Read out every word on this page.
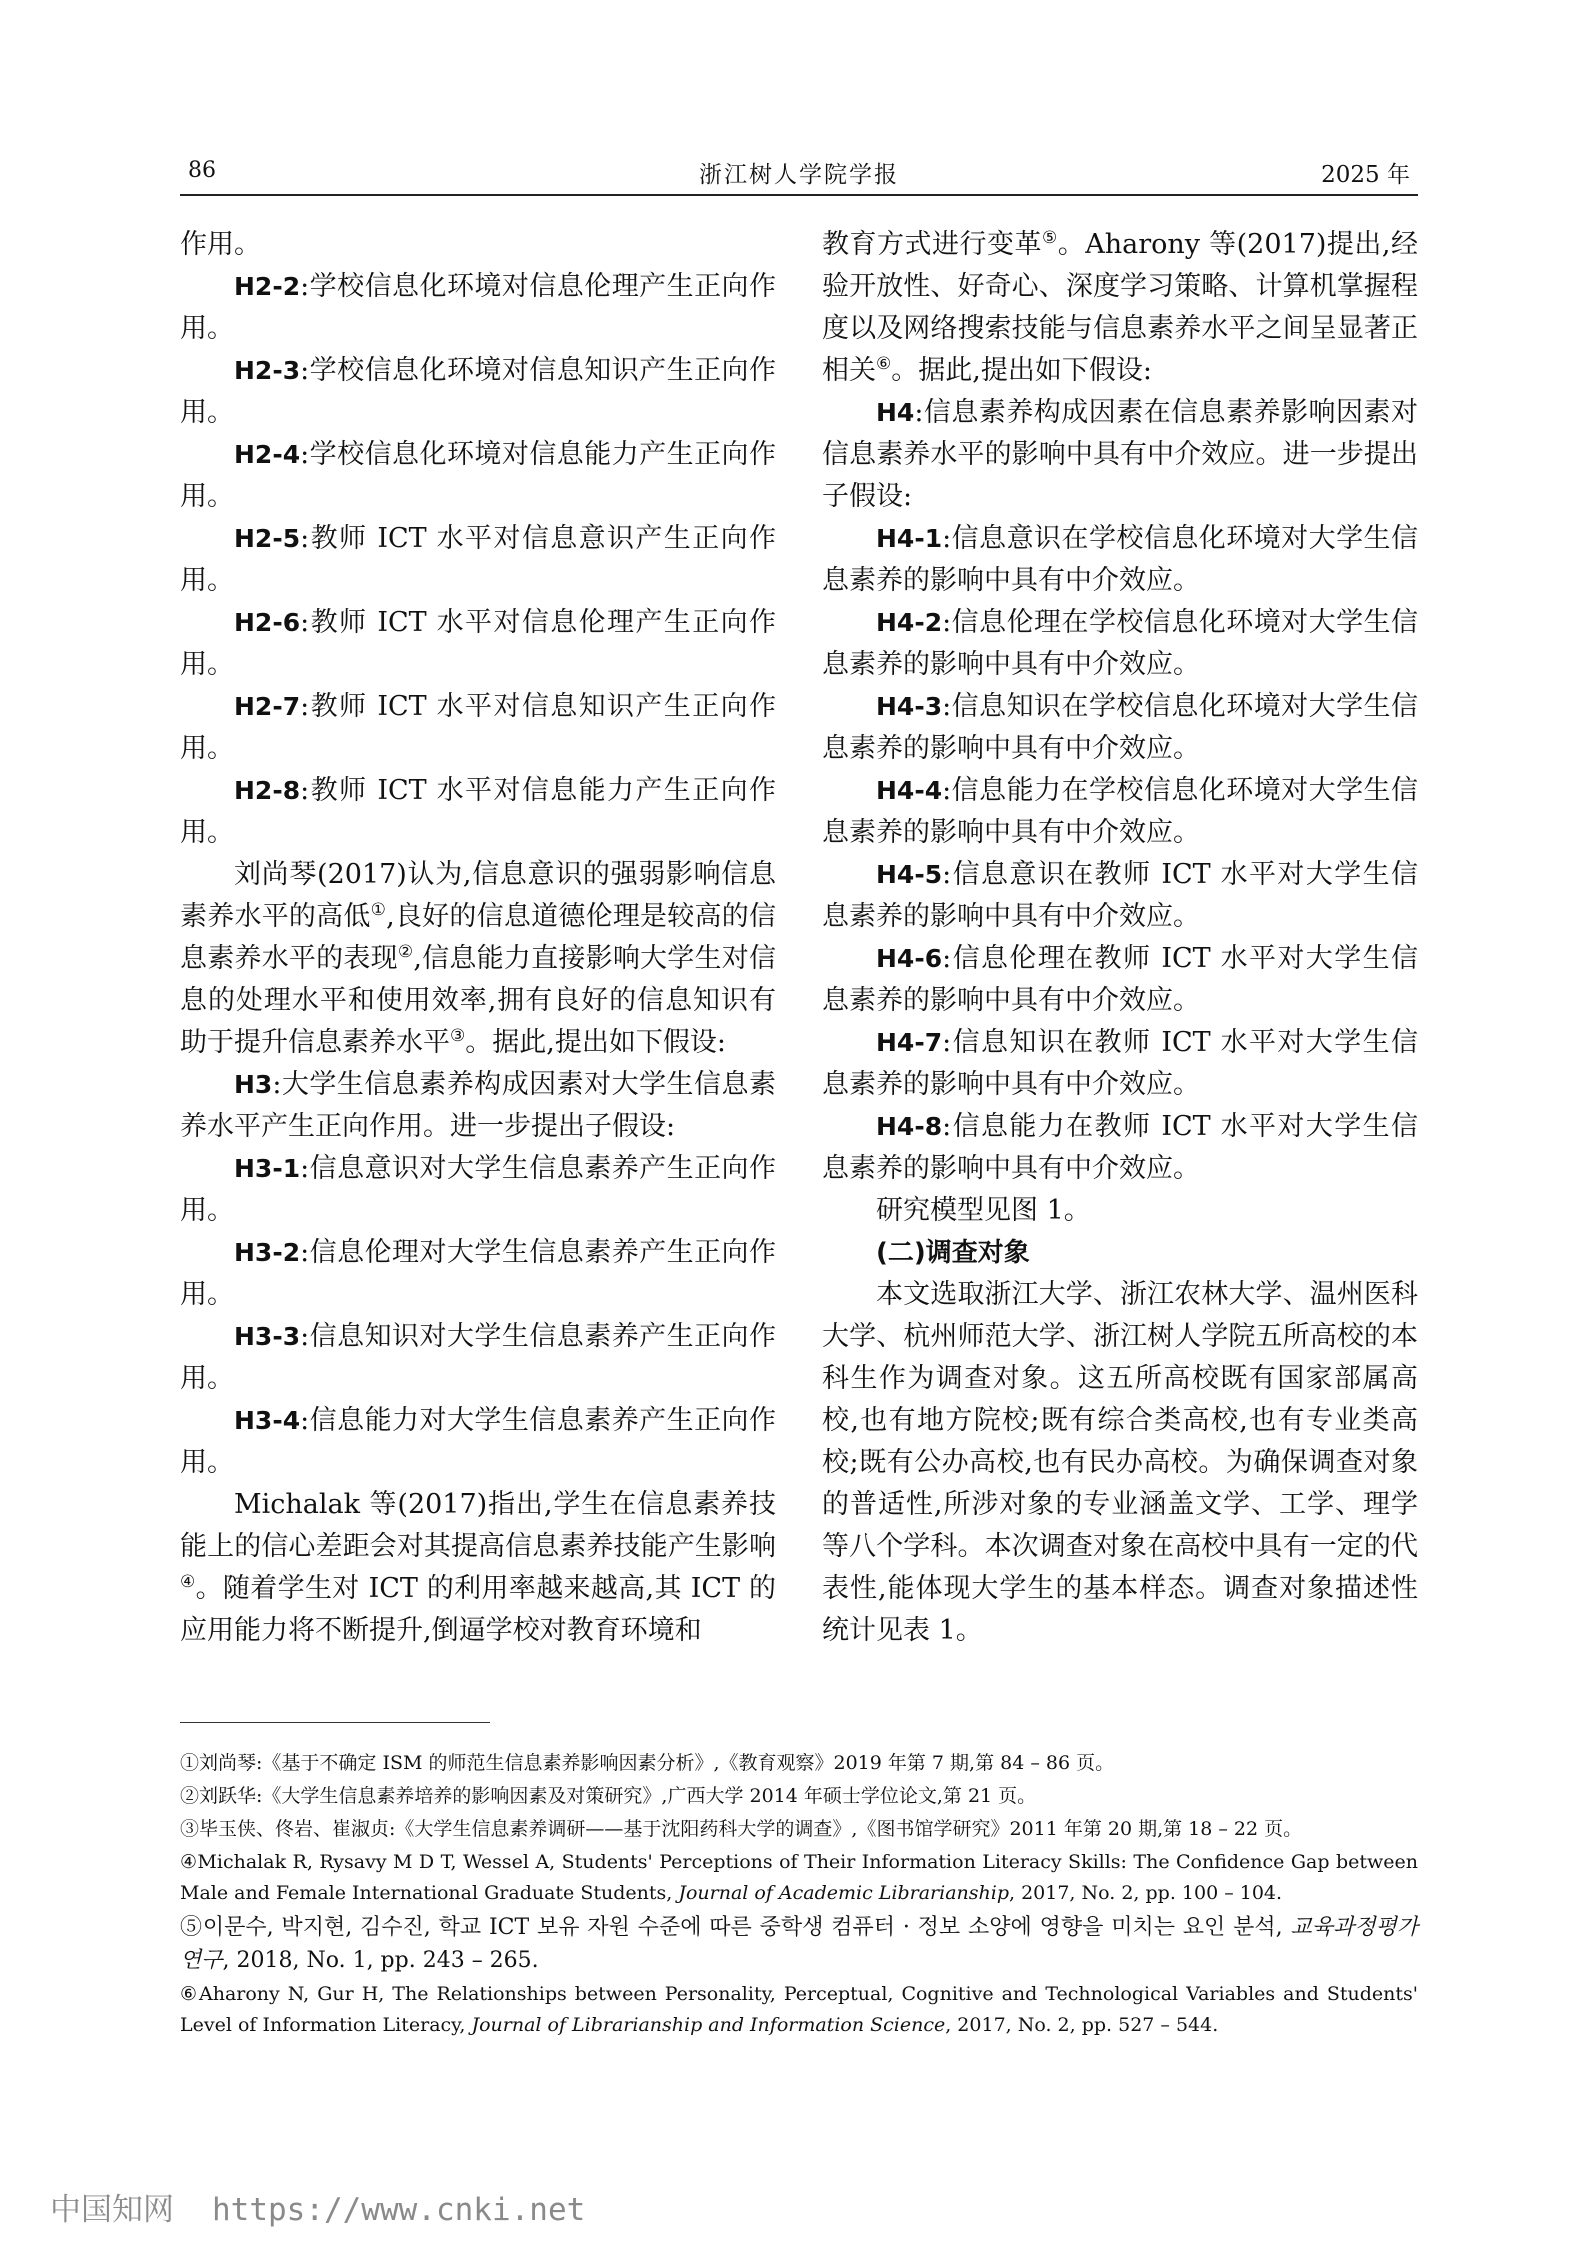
86	浙江树人学院学报	2025 年

作用。

H2-2:学校信息化环境对信息伦理产生正向作用。

H2-3:学校信息化环境对信息知识产生正向作用。

H2-4:学校信息化环境对信息能力产生正向作用。

H2-5:教师 ICT 水平对信息意识产生正向作用。

H2-6:教师 ICT 水平对信息伦理产生正向作用。

H2-7:教师 ICT 水平对信息知识产生正向作用。

H2-8:教师 ICT 水平对信息能力产生正向作用。

刘尚琴(2017)认为,信息意识的强弱影响信息素养水平的高低①,良好的信息道德伦理是较高的信息素养水平的表现②,信息能力直接影响大学生对信息的处理水平和使用效率,拥有良好的信息知识有助于提升信息素养水平③。据此,提出如下假设:

H3:大学生信息素养构成因素对大学生信息素养水平产生正向作用。进一步提出子假设:

H3-1:信息意识对大学生信息素养产生正向作用。

H3-2:信息伦理对大学生信息素养产生正向作用。

H3-3:信息知识对大学生信息素养产生正向作用。

H3-4:信息能力对大学生信息素养产生正向作用。

Michalak 等(2017)指出,学生在信息素养技能上的信心差距会对其提高信息素养技能产生影响④。随着学生对 ICT 的利用率越来越高,其 ICT 的应用能力将不断提升,倒逼学校对教育环境和

教育方式进行变革⑤。Aharony 等(2017)提出,经验开放性、好奇心、深度学习策略、计算机掌握程度以及网络搜索技能与信息素养水平之间呈显著正相关⑥。据此,提出如下假设:

H4:信息素养构成因素在信息素养影响因素对信息素养水平的影响中具有中介效应。进一步提出子假设:

H4-1:信息意识在学校信息化环境对大学生信息素养的影响中具有中介效应。

H4-2:信息伦理在学校信息化环境对大学生信息素养的影响中具有中介效应。

H4-3:信息知识在学校信息化环境对大学生信息素养的影响中具有中介效应。

H4-4:信息能力在学校信息化环境对大学生信息素养的影响中具有中介效应。

H4-5:信息意识在教师 ICT 水平对大学生信息素养的影响中具有中介效应。

H4-6:信息伦理在教师 ICT 水平对大学生信息素养的影响中具有中介效应。

H4-7:信息知识在教师 ICT 水平对大学生信息素养的影响中具有中介效应。

H4-8:信息能力在教师 ICT 水平对大学生信息素养的影响中具有中介效应。

研究模型见图 1。

(二)调查对象

本文选取浙江大学、浙江农林大学、温州医科大学、杭州师范大学、浙江树人学院五所高校的本科生作为调查对象。这五所高校既有国家部属高校,也有地方院校;既有综合类高校,也有专业类高校;既有公办高校,也有民办高校。为确保调查对象的普适性,所涉对象的专业涵盖文学、工学、理学等八个学科。本次调查对象在高校中具有一定的代表性,能体现大学生的基本样态。调查对象描述性统计见表 1。

①刘尚琴:《基于不确定 ISM 的师范生信息素养影响因素分析》,《教育观察》2019 年第 7 期,第 84 – 86 页。

②刘跃华:《大学生信息素养培养的影响因素及对策研究》,广西大学 2014 年硕士学位论文,第 21 页。

③毕玉侠、佟岩、崔淑贞:《大学生信息素养调研——基于沈阳药科大学的调查》,《图书馆学研究》2011 年第 20 期,第 18 – 22 页。

④Michalak R, Rysavy M D T, Wessel A, Students' Perceptions of Their Information Literacy Skills: The Confidence Gap between Male and Female International Graduate Students, Journal of Academic Librarianship, 2017, No. 2, pp. 100 – 104.

⑤이문수, 박지현, 김수진, 학교 ICT 보유 자원 수준에 따른 중학생 컴퓨터 · 정보 소양에 영향을 미치는 요인 분석, 교육과정평가연구, 2018, No. 1, pp. 243 – 265.

⑥Aharony N, Gur H, The Relationships between Personality, Perceptual, Cognitive and Technological Variables and Students' Level of Information Literacy, Journal of Librarianship and Information Science, 2017, No. 2, pp. 527 – 544.

中国知网 https://www.cnki.net
